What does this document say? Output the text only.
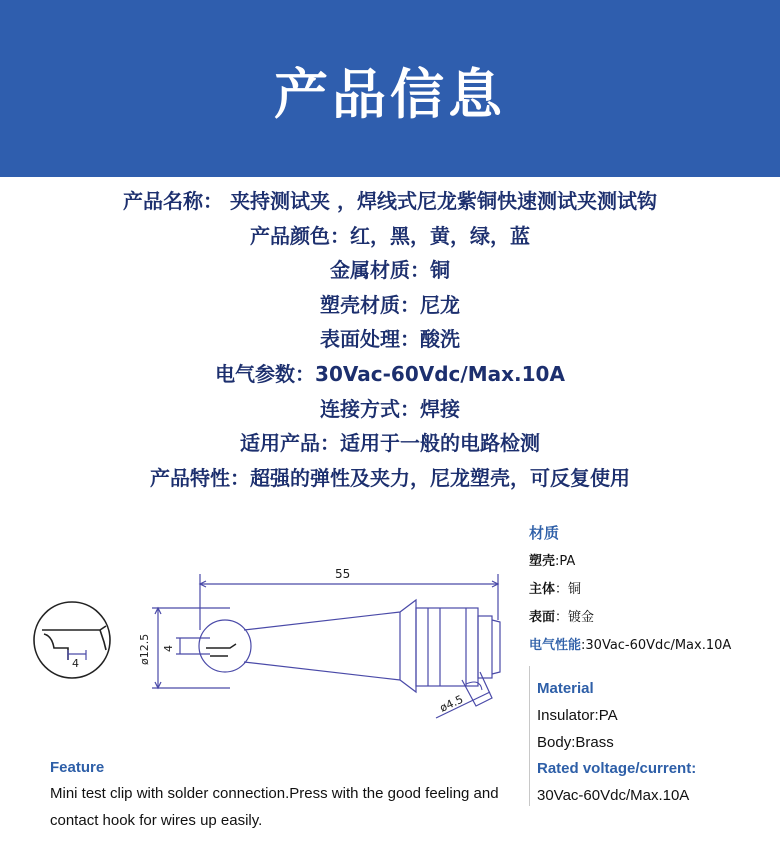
产品信息
产品名称： 夹持测试夹 ，焊线式尼龙紫铜快速测试夹测试钩
产品颜色：红，黑，黄，绿，蓝
金属材质：铜
塑壳材质：尼龙
表面处理：酸洗
电气参数：30Vac-60Vdc/Max.10A
连接方式：焊接
适用产品：适用于一般的电路检测
产品特性：超强的弹性及夹力，尼龙塑壳，可反复使用
55
ø12.5 4
ø4.5
4
材质
塑壳:PA
主体：铜
表面：镀金
电气性能:30Vac-60Vdc/Max.10A
Material
Insulator:PA
Body:Brass
Rated voltage/current:
30Vac-60Vdc/Max.10A
Feature
Mini test clip with solder connection.Press with the good feeling and contact hook for wires up easily.
